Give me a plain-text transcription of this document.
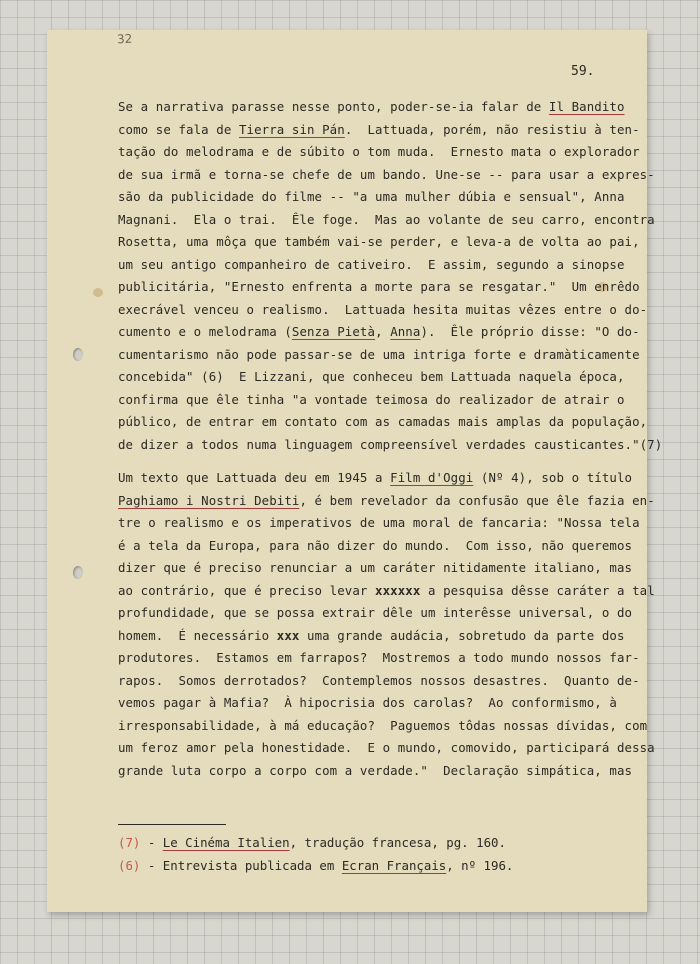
32
59.
Se a narrativa parasse nesse ponto, poder-se-ia falar de Il Bandito
como se fala de Tierra sin Pán.  Lattuada, porém, não resistiu à ten-
tação do melodrama e de súbito o tom muda.  Ernesto mata o explorador
de sua irmã e torna-se chefe de um bando. Une-se -- para usar a expres-
são da publicidade do filme -- "a uma mulher dúbia e sensual", Anna
Magnani.  Ela o trai.  Êle foge.  Mas ao volante de seu carro, encontra
Rosetta, uma môça que também vai-se perder, e leva-a de volta ao pai,
um seu antigo companheiro de cativeiro.  E assim, segundo a sinopse
publicitária, "Ernesto enfrenta a morte para se resgatar."  Um enrêdo
execrável venceu o realismo.  Lattuada hesita muitas vêzes entre o do-
cumento e o melodrama (Senza Pietà, Anna).  Êle próprio disse: "O do-
cumentarismo não pode passar-se de uma intriga forte e dramàticamente
concebida" (6)  E Lizzani, que conheceu bem Lattuada naquela época,
confirma que êle tinha "a vontade teimosa do realizador de atrair o
público, de entrar em contato com as camadas mais amplas da população,
de dizer a todos numa linguagem compreensível verdades causticantes."(7)
Um texto que Lattuada deu em 1945 a Film d'Oggi (Nº 4), sob o título
Paghiamo i Nostri Debiti, é bem revelador da confusão que êle fazia en-
tre o realismo e os imperativos de uma moral de fancaria: "Nossa tela
é a tela da Europa, para não dizer do mundo.  Com isso, não queremos
dizer que é preciso renunciar a um caráter nitidamente italiano, mas
ao contrário, que é preciso levar xxxxxx a pesquisa dêsse caráter a tal
profundidade, que se possa extrair dêle um interêsse universal, o do
homem.  É necessário xxx uma grande audácia, sobretudo da parte dos
produtores.  Estamos em farrapos?  Mostremos a todo mundo nossos far-
rapos.  Somos derrotados?  Contemplemos nossos desastres.  Quanto de-
vemos pagar à Mafia?  À hipocrisia dos carolas?  Ao conformismo, à
irresponsabilidade, à má educação?  Paguemos tôdas nossas dívidas, com
um feroz amor pela honestidade.  E o mundo, comovido, participará dessa
grande luta corpo a corpo com a verdade."  Declaração simpática, mas
(7) - Le Cinéma Italien, tradução francesa, pg. 160.
(6) - Entrevista publicada em Ecran Français, nº 196.
